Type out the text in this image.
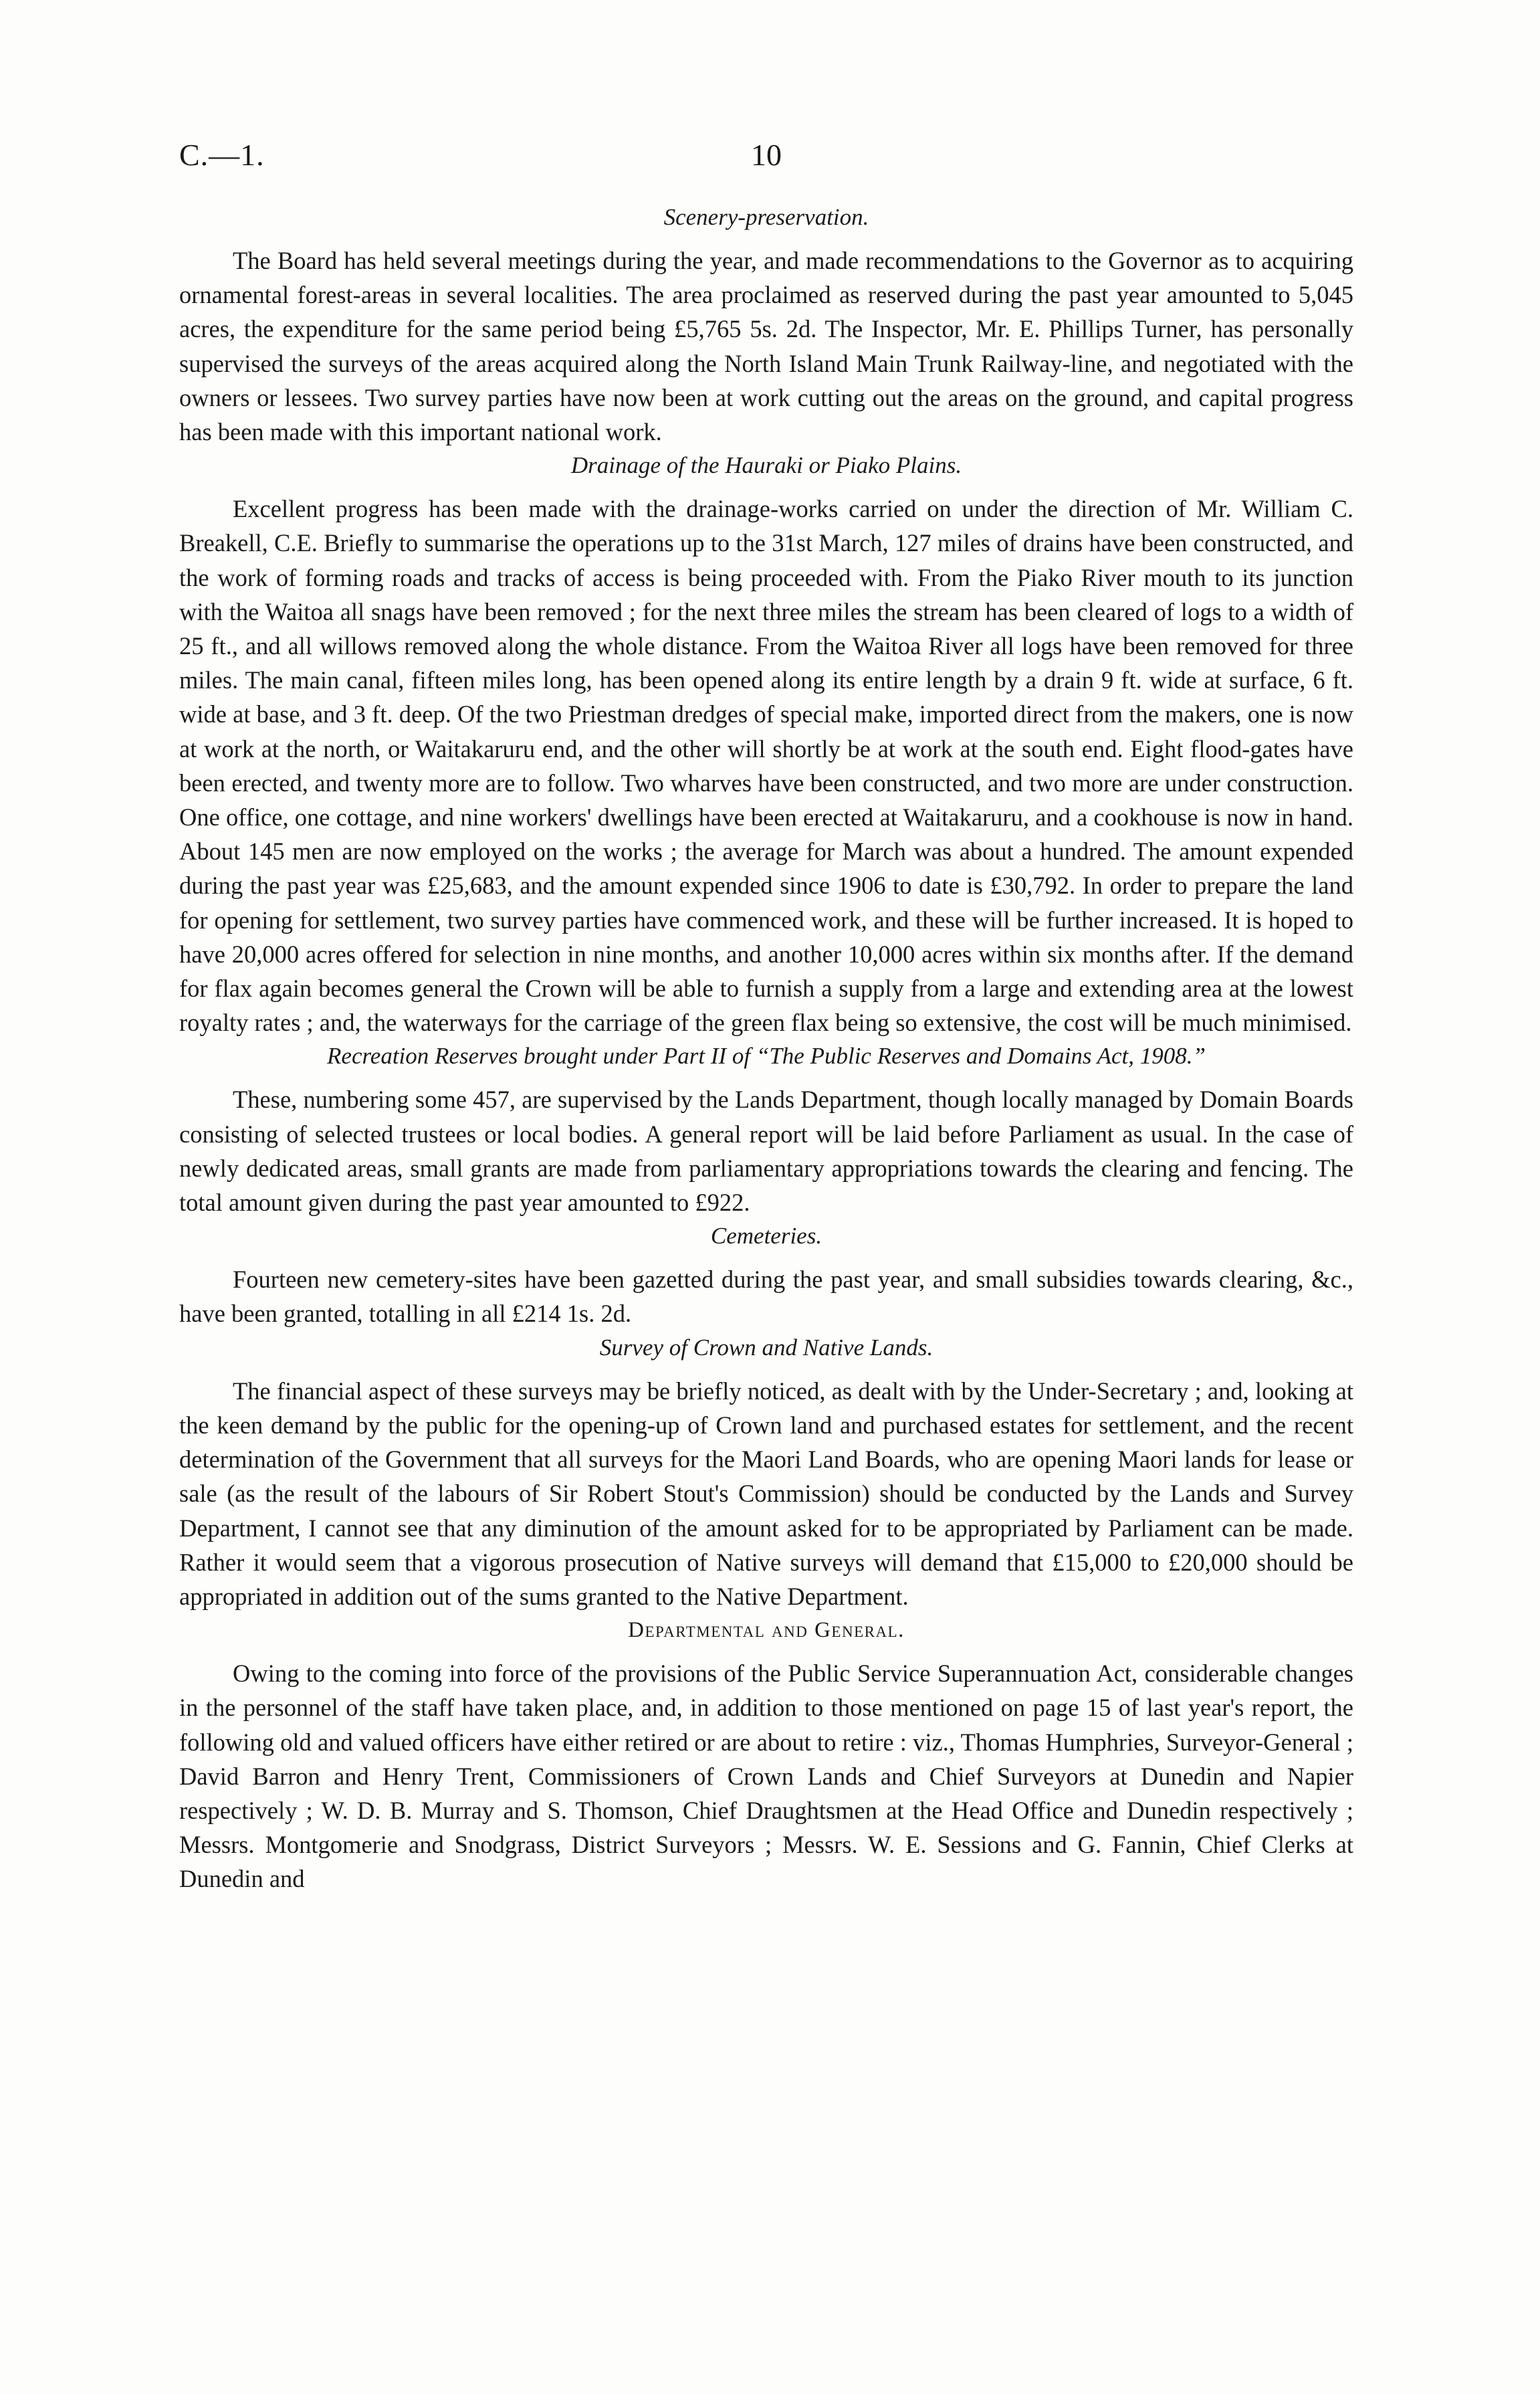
C.—1.	10
Scenery-preservation.

The Board has held several meetings during the year, and made recommendations to the Governor as to acquiring ornamental forest-areas in several localities. The area proclaimed as reserved during the past year amounted to 5,045 acres, the expenditure for the same period being £5,765 5s. 2d. The Inspector, Mr. E. Phillips Turner, has personally supervised the surveys of the areas acquired along the North Island Main Trunk Railway-line, and negotiated with the owners or lessees. Two survey parties have now been at work cutting out the areas on the ground, and capital progress has been made with this important national work.

Drainage of the Hauraki or Piako Plains.

Excellent progress has been made with the drainage-works carried on under the direction of Mr. William C. Breakell, C.E. Briefly to summarise the operations up to the 31st March, 127 miles of drains have been constructed, and the work of forming roads and tracks of access is being proceeded with. From the Piako River mouth to its junction with the Waitoa all snags have been removed ; for the next three miles the stream has been cleared of logs to a width of 25 ft., and all willows removed along the whole distance. From the Waitoa River all logs have been removed for three miles. The main canal, fifteen miles long, has been opened along its entire length by a drain 9 ft. wide at surface, 6 ft. wide at base, and 3 ft. deep. Of the two Priestman dredges of special make, imported direct from the makers, one is now at work at the north, or Waitakaruru end, and the other will shortly be at work at the south end. Eight flood-gates have been erected, and twenty more are to follow. Two wharves have been constructed, and two more are under construction. One office, one cottage, and nine workers' dwellings have been erected at Waitakaruru, and a cookhouse is now in hand. About 145 men are now employed on the works ; the average for March was about a hundred. The amount expended during the past year was £25,683, and the amount expended since 1906 to date is £30,792. In order to prepare the land for opening for settlement, two survey parties have commenced work, and these will be further increased. It is hoped to have 20,000 acres offered for selection in nine months, and another 10,000 acres within six months after. If the demand for flax again becomes general the Crown will be able to furnish a supply from a large and extending area at the lowest royalty rates ; and, the waterways for the carriage of the green flax being so extensive, the cost will be much minimised.

Recreation Reserves brought under Part II of “The Public Reserves and Domains Act, 1908.”

These, numbering some 457, are supervised by the Lands Department, though locally managed by Domain Boards consisting of selected trustees or local bodies. A general report will be laid before Parliament as usual. In the case of newly dedicated areas, small grants are made from parliamentary appropriations towards the clearing and fencing. The total amount given during the past year amounted to £922.

Cemeteries.

Fourteen new cemetery-sites have been gazetted during the past year, and small subsidies towards clearing, &c., have been granted, totalling in all £214 1s. 2d.

Survey of Crown and Native Lands.

The financial aspect of these surveys may be briefly noticed, as dealt with by the Under-Secretary ; and, looking at the keen demand by the public for the opening-up of Crown land and purchased estates for settlement, and the recent determination of the Government that all surveys for the Maori Land Boards, who are opening Maori lands for lease or sale (as the result of the labours of Sir Robert Stout's Commission) should be conducted by the Lands and Survey Department, I cannot see that any diminution of the amount asked for to be appropriated by Parliament can be made. Rather it would seem that a vigorous prosecution of Native surveys will demand that £15,000 to £20,000 should be appropriated in addition out of the sums granted to the Native Department.

Departmental and General.

Owing to the coming into force of the provisions of the Public Service Superannuation Act, considerable changes in the personnel of the staff have taken place, and, in addition to those mentioned on page 15 of last year's report, the following old and valued officers have either retired or are about to retire : viz., Thomas Humphries, Surveyor-General ; David Barron and Henry Trent, Commissioners of Crown Lands and Chief Surveyors at Dunedin and Napier respectively ; W. D. B. Murray and S. Thomson, Chief Draughtsmen at the Head Office and Dunedin respectively ; Messrs. Montgomerie and Snodgrass, District Surveyors ; Messrs. W. E. Sessions and G. Fannin, Chief Clerks at Dunedin and
